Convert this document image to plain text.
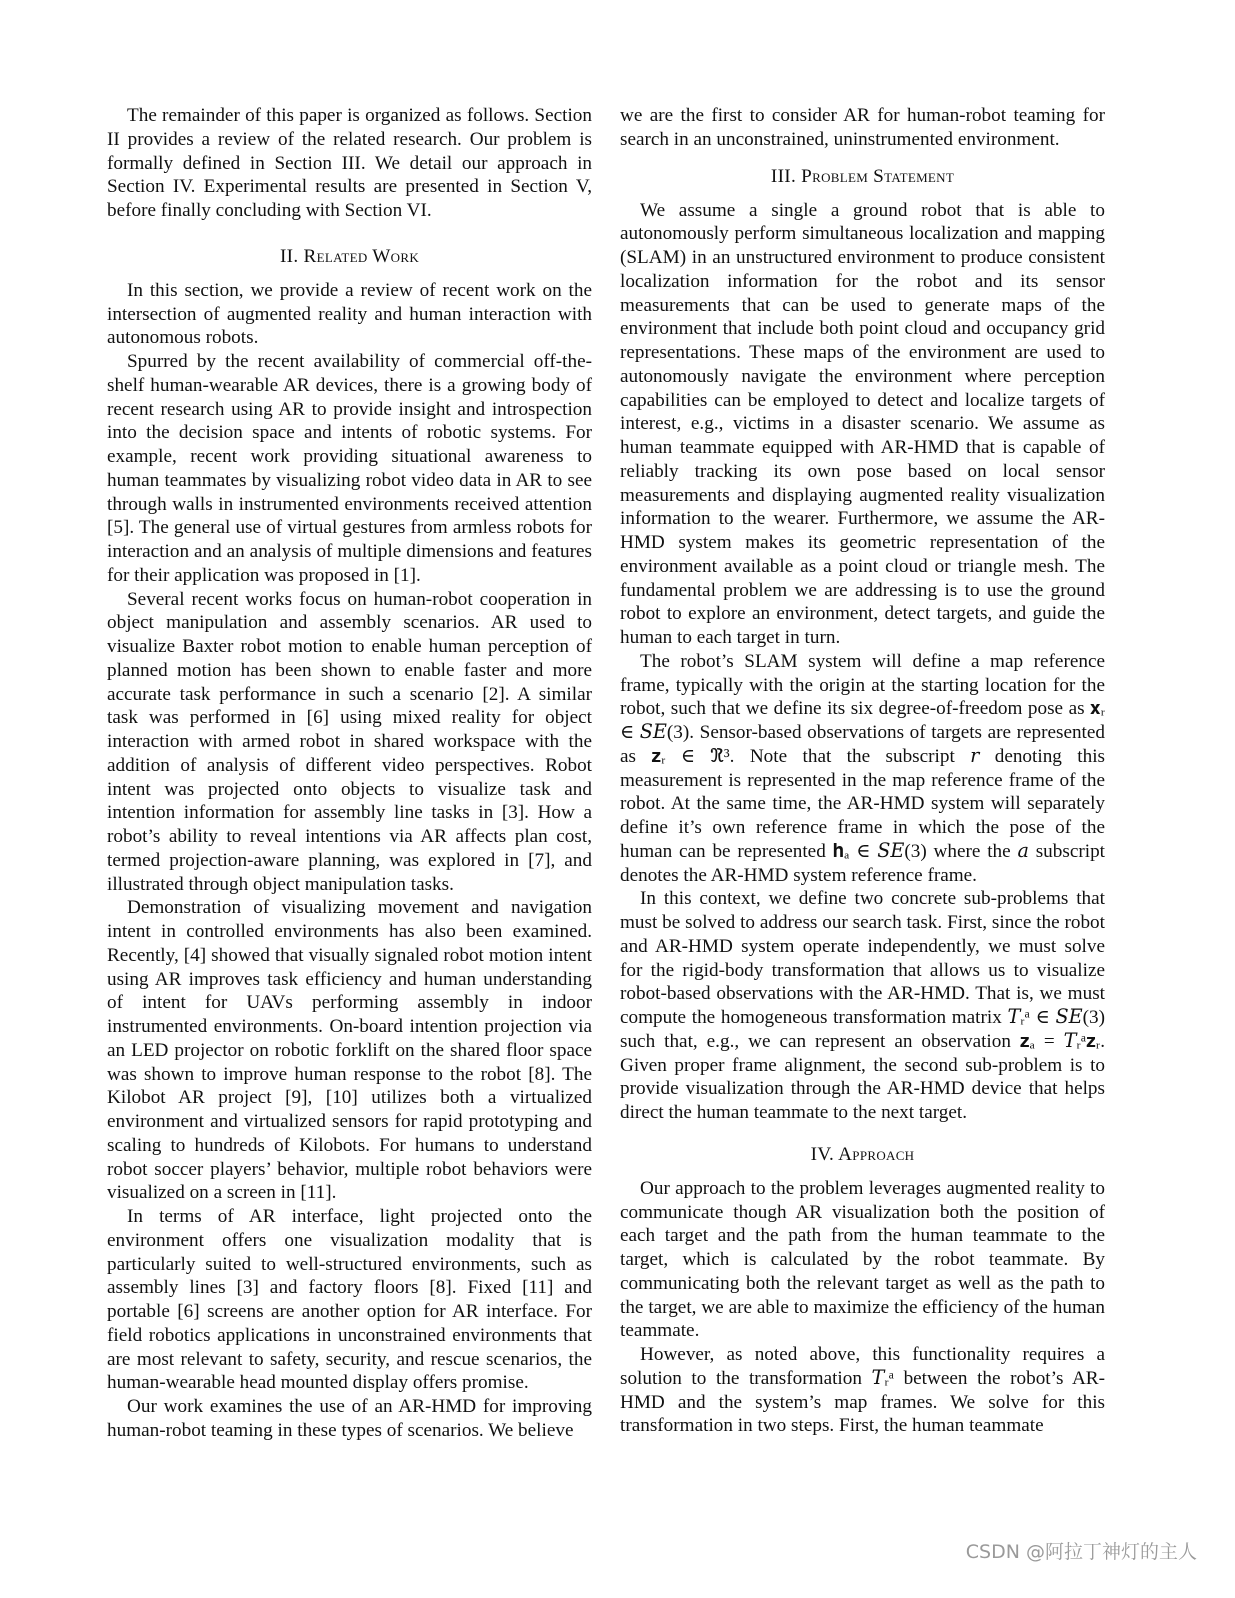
The remainder of this paper is organized as follows. Section II provides a review of the related research. Our problem is formally defined in Section III. We detail our approach in Section IV. Experimental results are presented in Section V, before finally concluding with Section VI.

II. Related Work

In this section, we provide a review of recent work on the intersection of augmented reality and human interaction with autonomous robots.

Spurred by the recent availability of commercial off-the-shelf human-wearable AR devices, there is a growing body of recent research using AR to provide insight and introspection into the decision space and intents of robotic systems. For example, recent work providing situational awareness to human teammates by visualizing robot video data in AR to see through walls in instrumented environments received attention [5]. The general use of virtual gestures from armless robots for interaction and an analysis of multiple dimensions and features for their application was proposed in [1].

Several recent works focus on human-robot cooperation in object manipulation and assembly scenarios. AR used to visualize Baxter robot motion to enable human perception of planned motion has been shown to enable faster and more accurate task performance in such a scenario [2]. A similar task was performed in [6] using mixed reality for object interaction with armed robot in shared workspace with the addition of analysis of different video perspectives. Robot intent was projected onto objects to visualize task and intention information for assembly line tasks in [3]. How a robot’s ability to reveal intentions via AR affects plan cost, termed projection-aware planning, was explored in [7], and illustrated through object manipulation tasks.

Demonstration of visualizing movement and navigation intent in controlled environments has also been examined. Recently, [4] showed that visually signaled robot motion intent using AR improves task efficiency and human understanding of intent for UAVs performing assembly in indoor instrumented environments. On-board intention projection via an LED projector on robotic forklift on the shared floor space was shown to improve human response to the robot [8]. The Kilobot AR project [9], [10] utilizes both a virtualized environment and virtualized sensors for rapid prototyping and scaling to hundreds of Kilobots. For humans to understand robot soccer players’ behavior, multiple robot behaviors were visualized on a screen in [11].

In terms of AR interface, light projected onto the environment offers one visualization modality that is particularly suited to well-structured environments, such as assembly lines [3] and factory floors [8]. Fixed [11] and portable [6] screens are another option for AR interface. For field robotics applications in unconstrained environments that are most relevant to safety, security, and rescue scenarios, the human-wearable head mounted display offers promise.

Our work examines the use of an AR-HMD for improving human-robot teaming in these types of scenarios. We believe

we are the first to consider AR for human-robot teaming for search in an unconstrained, uninstrumented environment.

III. Problem Statement

We assume a single a ground robot that is able to autonomously perform simultaneous localization and mapping (SLAM) in an unstructured environment to produce consistent localization information for the robot and its sensor measurements that can be used to generate maps of the environment that include both point cloud and occupancy grid representations. These maps of the environment are used to autonomously navigate the environment where perception capabilities can be employed to detect and localize targets of interest, e.g., victims in a disaster scenario. We assume as human teammate equipped with AR-HMD that is capable of reliably tracking its own pose based on local sensor measurements and displaying augmented reality visualization information to the wearer. Furthermore, we assume the AR-HMD system makes its geometric representation of the environment available as a point cloud or triangle mesh. The fundamental problem we are addressing is to use the ground robot to explore an environment, detect targets, and guide the human to each target in turn.

The robot’s SLAM system will define a map reference frame, typically with the origin at the starting location for the robot, such that we define its six degree-of-freedom pose as 𝐱ᵣ ∈ 𝑆𝐸(3). Sensor-based observations of targets are represented as 𝐳ᵣ ∈ ℜ³. Note that the subscript 𝑟 denoting this measurement is represented in the map reference frame of the robot. At the same time, the AR-HMD system will separately define it’s own reference frame in which the pose of the human can be represented 𝐡ₐ ∈ 𝑆𝐸(3) where the 𝑎 subscript denotes the AR-HMD system reference frame.

In this context, we define two concrete sub-problems that must be solved to address our search task. First, since the robot and AR-HMD system operate independently, we must solve for the rigid-body transformation that allows us to visualize robot-based observations with the AR-HMD. That is, we must compute the homogeneous transformation matrix 𝑇ᵣᵃ ∈ 𝑆𝐸(3) such that, e.g., we can represent an observation 𝐳ₐ = 𝑇ᵣᵃ𝐳ᵣ. Given proper frame alignment, the second sub-problem is to provide visualization through the AR-HMD device that helps direct the human teammate to the next target.

IV. Approach

Our approach to the problem leverages augmented reality to communicate though AR visualization both the position of each target and the path from the human teammate to the target, which is calculated by the robot teammate. By communicating both the relevant target as well as the path to the target, we are able to maximize the efficiency of the human teammate.

However, as noted above, this functionality requires a solution to the transformation 𝑇ᵣᵃ between the robot’s AR-HMD and the system’s map frames. We solve for this transformation in two steps. First, the human teammate

CSDN @阿拉丁神灯的主人
